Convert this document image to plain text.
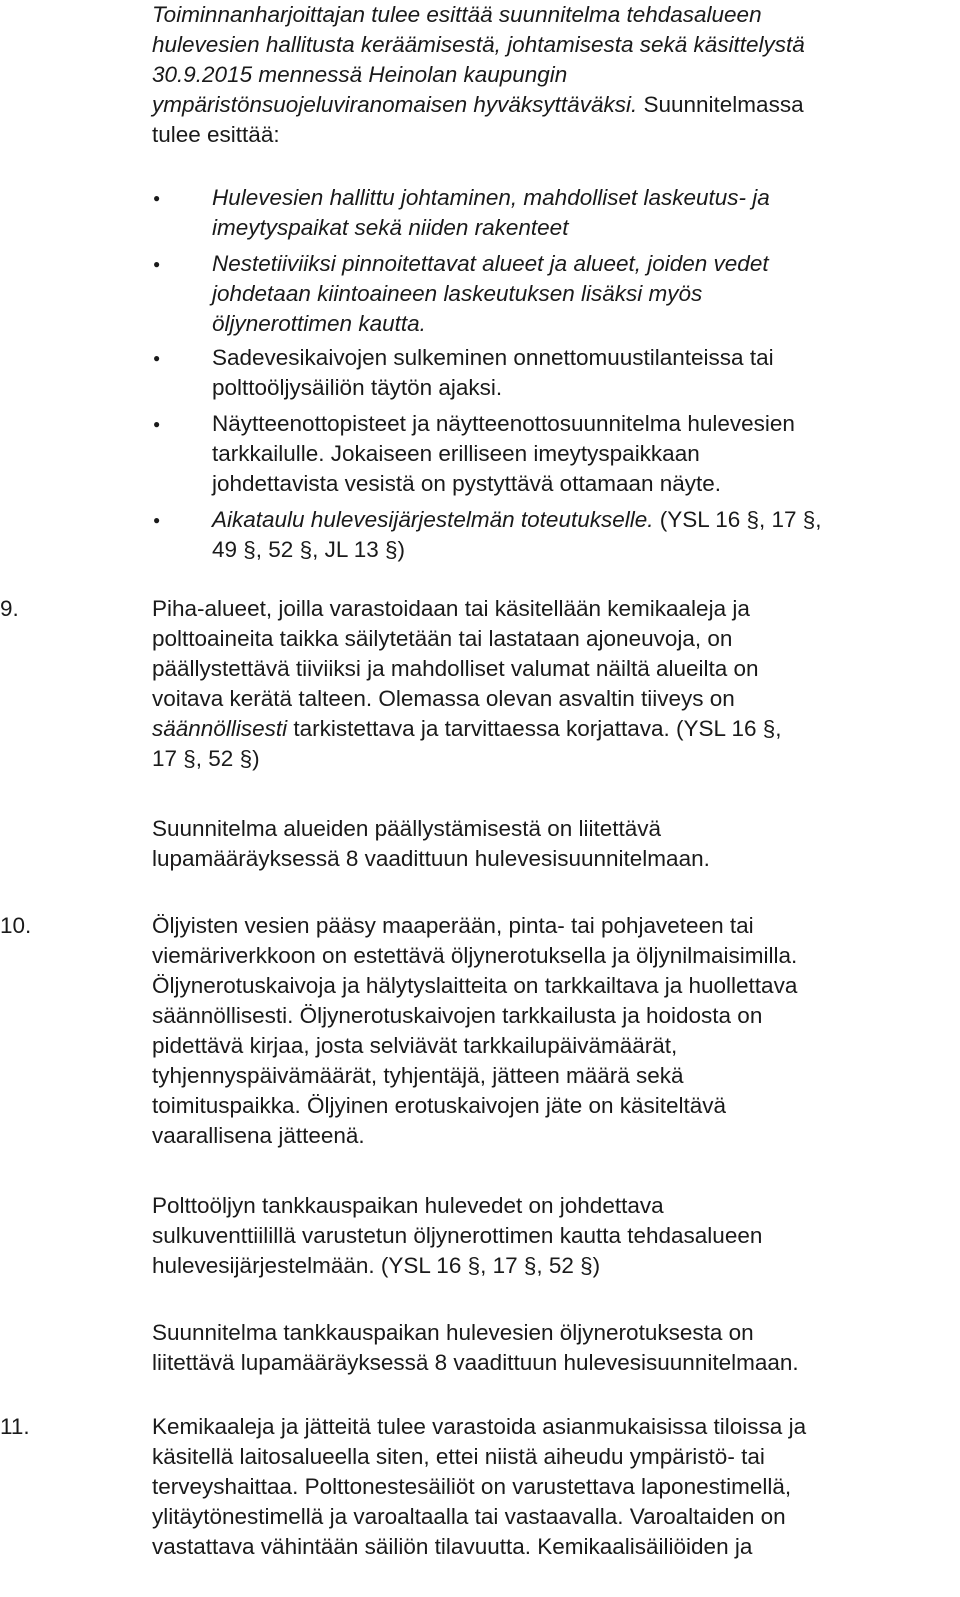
Toiminnanharjoittajan tulee esittää suunnitelma tehdasalueen
hulevesien hallitusta keräämisestä, johtamisesta sekä käsittelystä
30.9.2015 mennessä Heinolan kaupungin
ympäristönsuojeluviranomaisen hyväksyttäväksi. Suunnitelmassa
tulee esittää:
● Hulevesien hallittu johtaminen, mahdolliset laskeutus- ja
imeytyspaikat sekä niiden rakenteet
● Nestetiiviiksi pinnoitettavat alueet ja alueet, joiden vedet
johdetaan kiintoaineen laskeutuksen lisäksi myös
öljynerottimen kautta.
● Sadevesikaivojen sulkeminen onnettomuustilanteissa tai
polttoöljysäiliön täytön ajaksi.
● Näytteenottopisteet ja näytteenottosuunnitelma hulevesien
tarkkailulle. Jokaiseen erilliseen imeytyspaikkaan
johdettavista vesistä on pystyttävä ottamaan näyte.
● Aikataulu hulevesijärjestelmän toteutukselle. (YSL 16 §, 17 §,
49 §, 52 §, JL 13 §)
9.	Piha-alueet, joilla varastoidaan tai käsitellään kemikaaleja ja
polttoaineita taikka säilytetään tai lastataan ajoneuvoja, on
päällystettävä tiiviiksi ja mahdolliset valumat näiltä alueilta on
voitava kerätä talteen. Olemassa olevan asvaltin tiiveys on
säännöllisesti tarkistettava ja tarvittaessa korjattava. (YSL 16 §,
17 §, 52 §)
Suunnitelma alueiden päällystämisestä on liitettävä
lupamääräyksessä 8 vaadittuun hulevesisuunnitelmaan.
10.	Öljyisten vesien pääsy maaperään, pinta- tai pohjaveteen tai
viemäriverkkoon on estettävä öljynerotuksella ja öljynilmaisimilla.
Öljynerotuskaivoja ja hälytyslaitteita on tarkkailtava ja huollettava
säännöllisesti. Öljynerotuskaivojen tarkkailusta ja hoidosta on
pidettävä kirjaa, josta selviävät tarkkailupäivämäärät,
tyhjennyspäivämäärät, tyhjentäjä, jätteen määrä sekä
toimituspaikka. Öljyinen erotuskaivojen jäte on käsiteltävä
vaarallisena jätteenä.
Polttoöljyn tankkauspaikan hulevedet on johdettava
sulkuventtiilillä varustetun öljynerottimen kautta tehdasalueen
hulevesijärjestelmään. (YSL 16 §, 17 §, 52 §)
Suunnitelma tankkauspaikan hulevesien öljynerotuksesta on
liitettävä lupamääräyksessä 8 vaadittuun hulevesisuunnitelmaan.
11.	Kemikaaleja ja jätteitä tulee varastoida asianmukaisissa tiloissa ja
käsitellä laitosalueella siten, ettei niistä aiheudu ympäristö- tai
terveyshaittaa. Polttonestesäiliöt on varustettava laponestimellä,
ylitäytönestimellä ja varoaltaalla tai vastaavalla. Varoaltaiden on
vastattava vähintään säiliön tilavuutta. Kemikaalisäiliöiden ja
